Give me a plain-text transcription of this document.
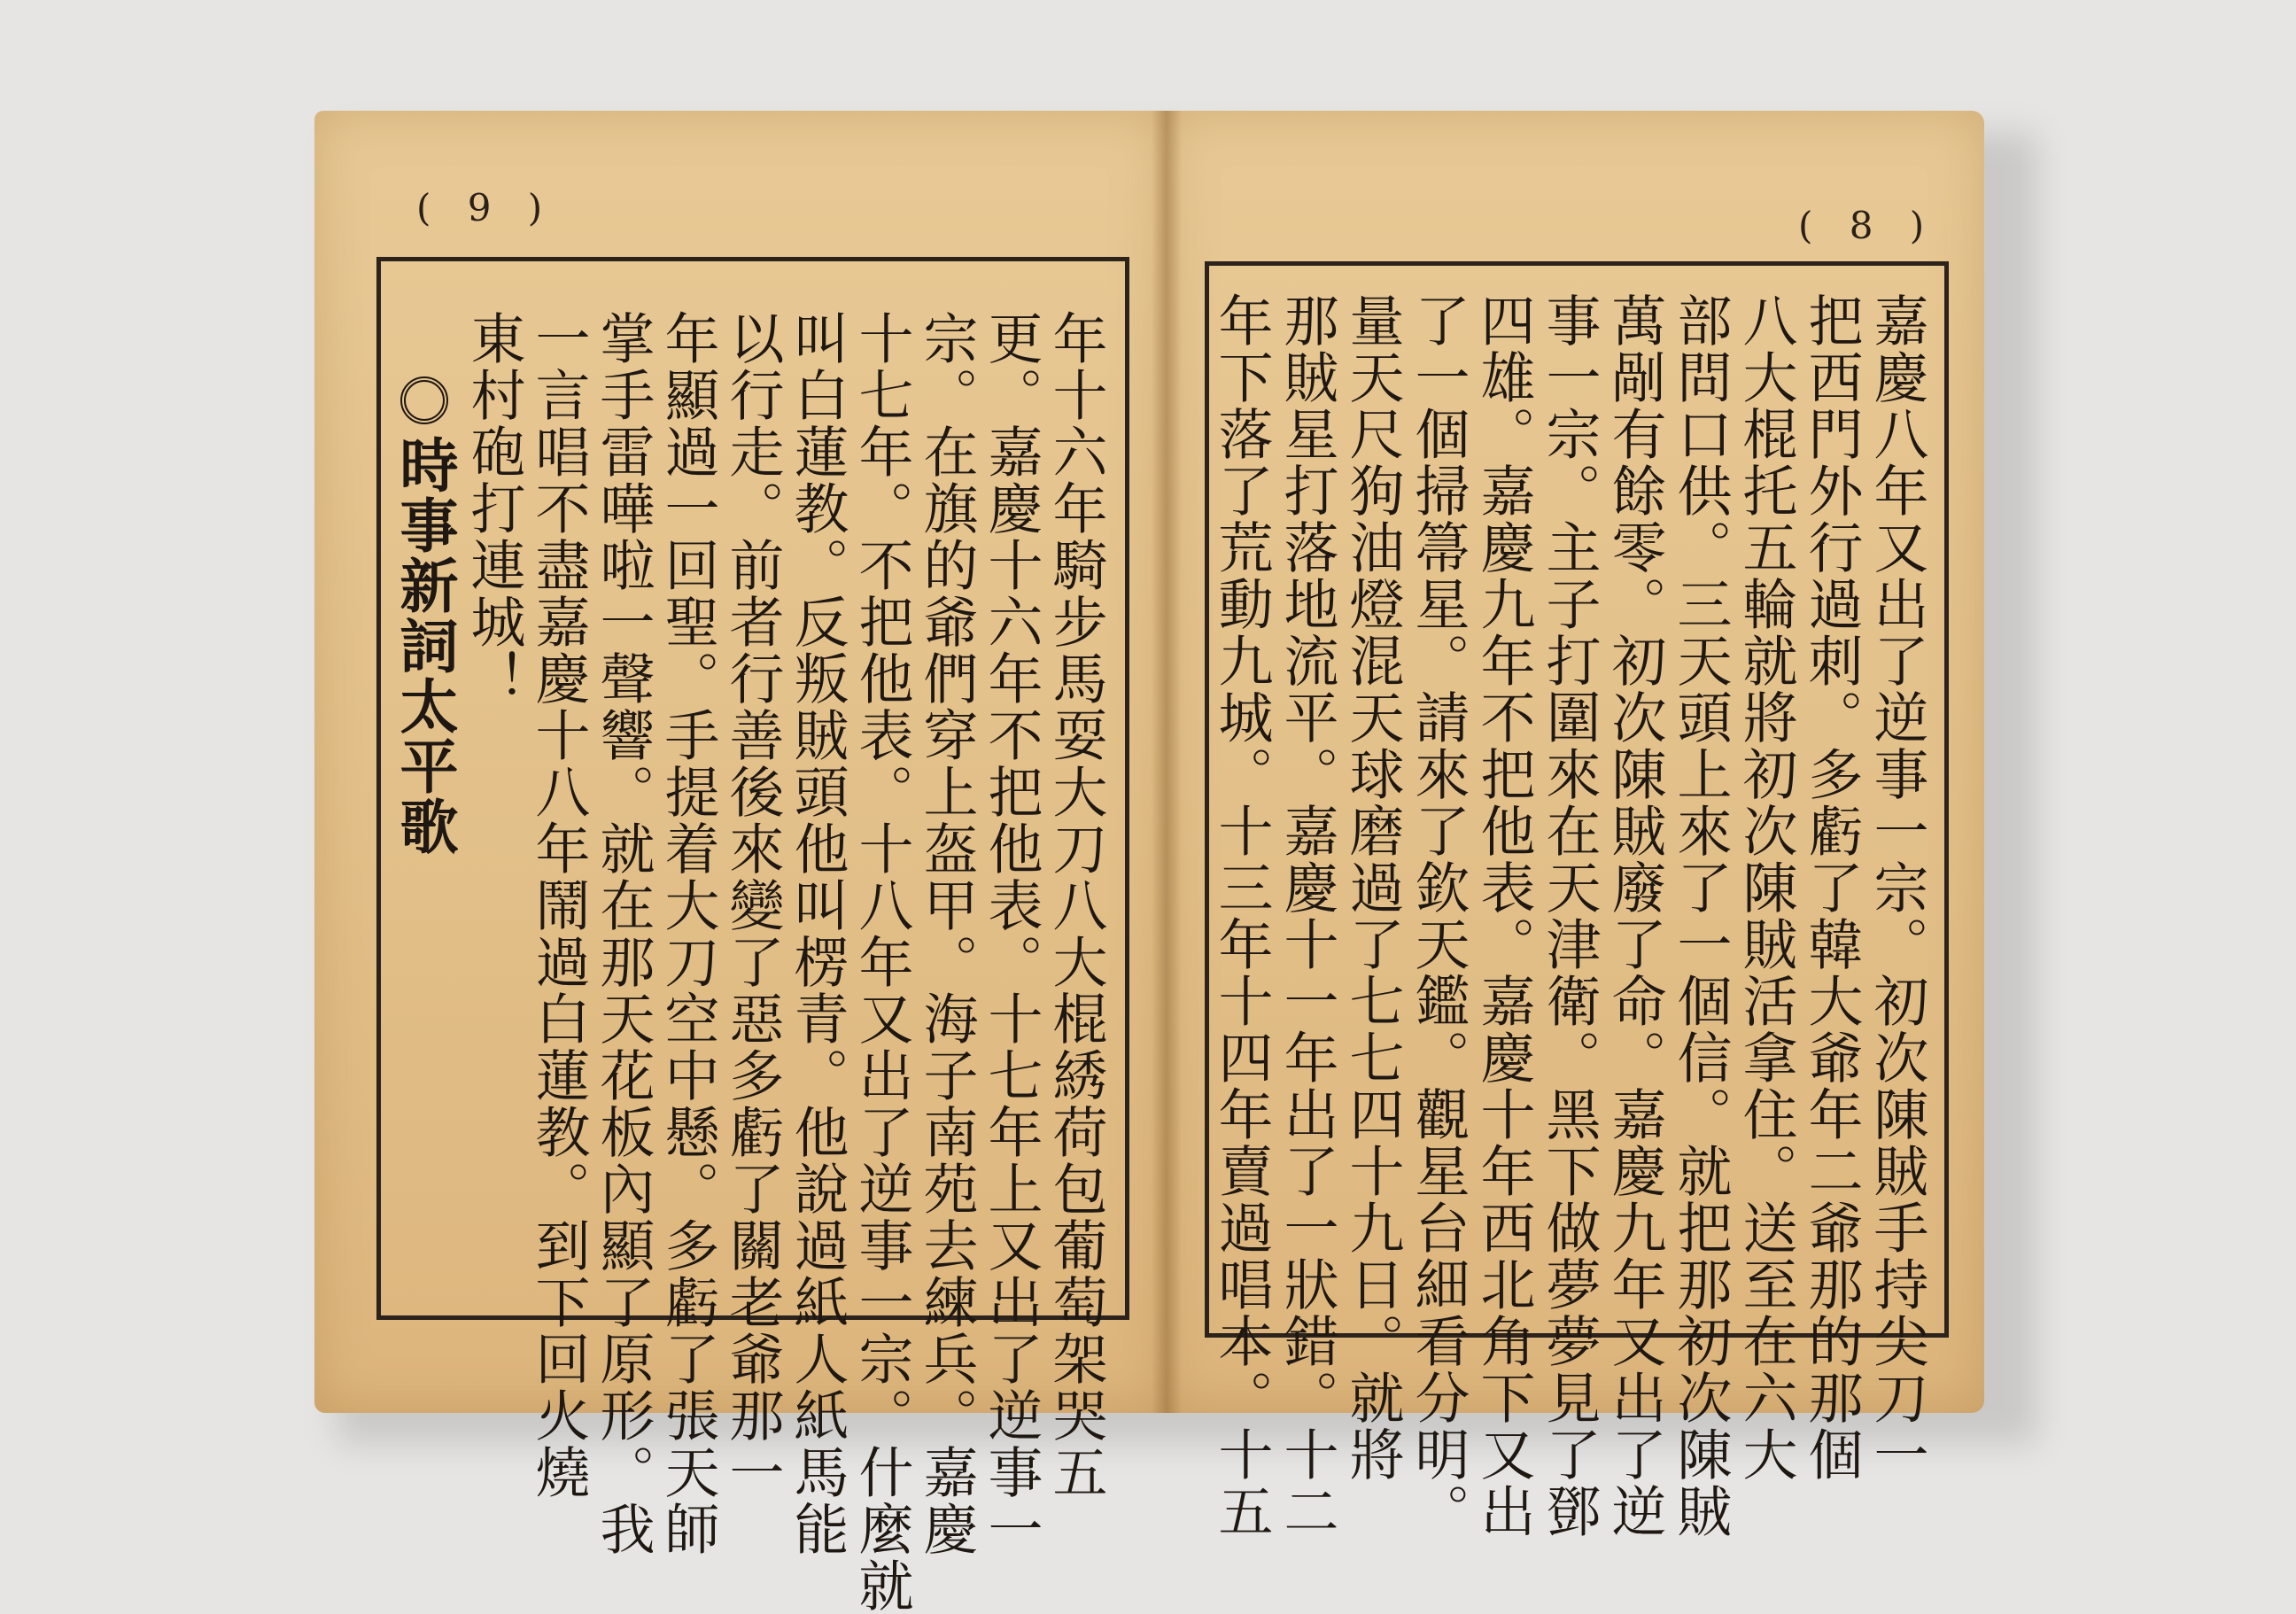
( 9 )	( 8 )
年十六年騎步馬耍大刀八大棍綉荷包葡萄架哭五
更。嘉慶十六年不把他表。十七年上又出了逆事一
宗。在旗的爺們穿上盔甲。海子南苑去練兵。嘉慶
十七年。不把他表。十八年又出了逆事一宗。什麼就
叫白蓮教。反叛賊頭他叫楞青。他說過紙人紙馬能
以行走。前者行善後來變了惡多虧了關老爺那一
年顯過一回聖。手提着大刀空中懸。多虧了張天師
掌手雷嘩啦一聲響。就在那天花板內顯了原形。我
一言唱不盡嘉慶十八年鬧過白蓮教。到下回火燒
東村砲打連城！
時事新詞太平歌	嘉慶八年又出了逆事一宗。初次陳賊手持尖刀一
把西門外行過刺。多虧了韓大爺年二爺那的那個
八大棍托五輪就將初次陳賊活拿住。送至在六大
部問口供。三天頭上來了一個信。就把那初次陳賊
萬剮有餘零。初次陳賊廢了命。嘉慶九年又出了逆
事一宗。主子打圍來在天津衛。黑下做夢夢見了鄧
四雄。嘉慶九年不把他表。嘉慶十年西北角下又出
了一個掃箒星。請來了欽天鑑。觀星台細看分明。
量天尺狗油燈混天球磨過了七七四十九日。就將
那賊星打落地流平。嘉慶十一年出了一狀錯。十二
年下落了荒動九城。十三年十四年賣過唱本。十五
